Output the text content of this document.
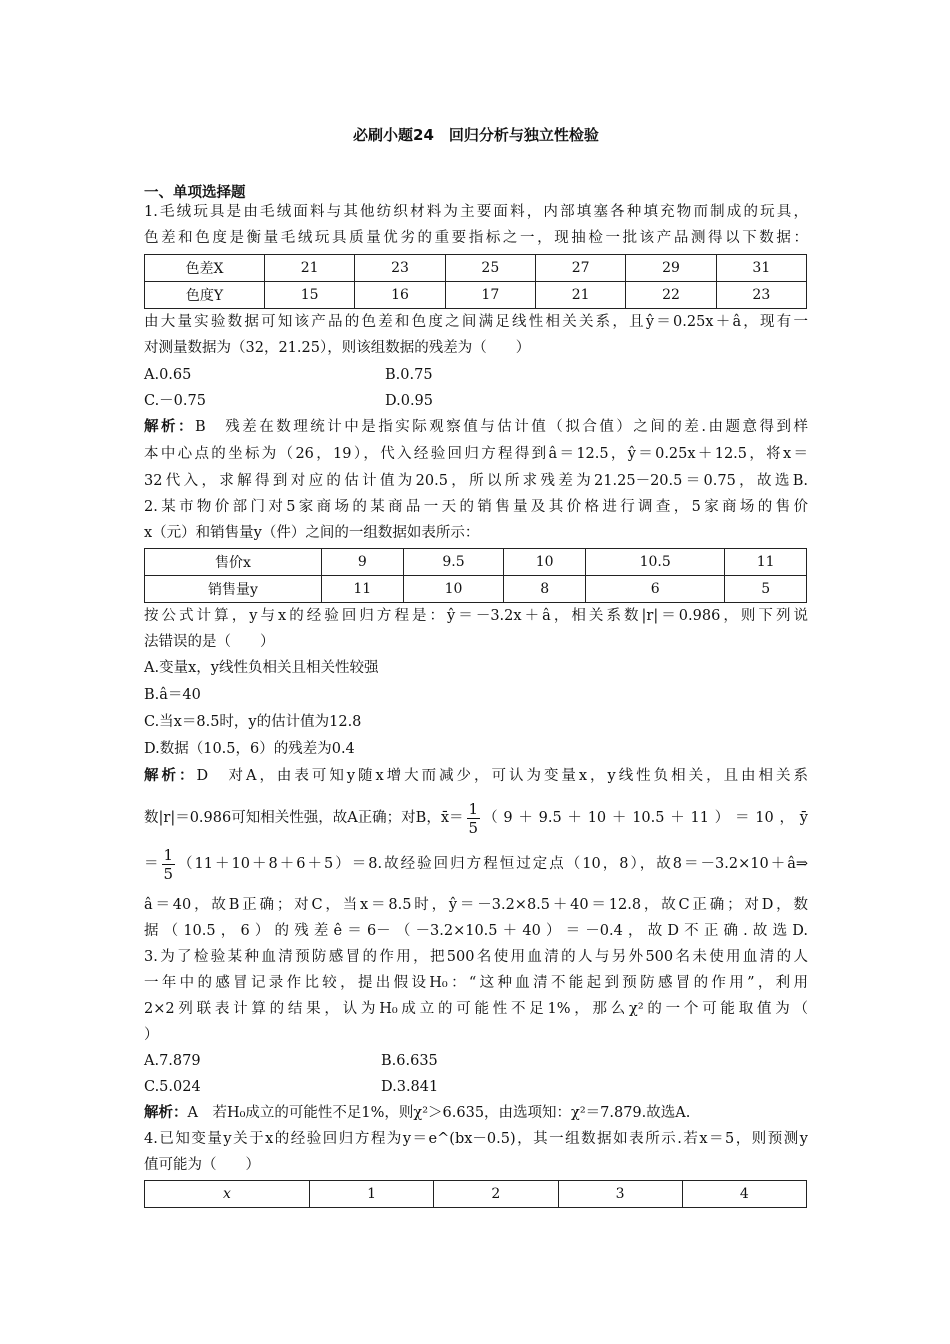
必刷小题24　回归分析与独立性检验
一、单项选择题
1.毛绒玩具是由毛绒面料与其他纺织材料为主要面料，内部填塞各种填充物而制成的玩具，
色差和色度是衡量毛绒玩具质量优劣的重要指标之一，现抽检一批该产品测得以下数据：
色差X	21	23	25	27	29	31
色度Y	15	16	17	21	22	23
由大量实验数据可知该产品的色差和色度之间满足线性相关关系，且ŷ＝0.25x＋â，现有一
对测量数据为（32，21.25），则该组数据的残差为（　　）
A.0.65	B.0.75
C.－0.75	D.0.95
解析：B　残差在数理统计中是指实际观察值与估计值（拟合值）之间的差.由题意得到样
本中心点的坐标为（26，19），代入经验回归方程得到â＝12.5，ŷ＝0.25x＋12.5，将x＝
32代入，求解得到对应的估计值为20.5，所以所求残差为21.25－20.5＝0.75，故选B.
2.某市物价部门对5家商场的某商品一天的销售量及其价格进行调查，5家商场的售价
x（元）和销售量y（件）之间的一组数据如表所示：
售价x	9	9.5	10	10.5	11
销售量y	11	10	8	6	5
按公式计算，y与x的经验回归方程是：ŷ＝－3.2x＋â，相关系数|r|＝0.986，则下列说
法错误的是（　　）
A.变量x，y线性负相关且相关性较强
B.â＝40
C.当x＝8.5时，y的估计值为12.8
D.数据（10.5，6）的残差为0.4
解析：D　对A，由表可知y随x增大而减少，可认为变量x，y线性负相关，且由相关系
数|r|＝0.986可知相关性强，故A正确；对B，x̄＝ $\frac{1}{5} (9+9.5+10+10.5+11)=10$，ȳ
＝ $\frac{1}{5} (11+10+8+6+5)=8$.故经验回归方程恒过定点（10，8），故8＝－3.2×10＋â⇒
â＝40，故B正确；对C，当x＝8.5时，ŷ＝－3.2×8.5＋40＝12.8，故C正确；对D，数
据（10.5，6）的残差ê＝6－（－3.2×10.5＋40）＝－0.4，故D不正确.故选D.
3.为了检验某种血清预防感冒的作用，把500名使用血清的人与另外500名未使用血清的人
一年中的感冒记录作比较，提出假设H₀：“这种血清不能起到预防感冒的作用”，利用
2×2列联表计算的结果，认为H₀成立的可能性不足1%，那么χ²的一个可能取值为（
）
A.7.879	B.6.635
C.5.024	D.3.841
解析：A　若H₀成立的可能性不足1%，则χ²＞6.635，由选项知：χ²＝7.879.故选A.
4.已知变量y关于x的经验回归方程为y＝e^(bx－0.5)，其一组数据如表所示.若x＝5，则预测y
值可能为（　　）
x	1	2	3	4
